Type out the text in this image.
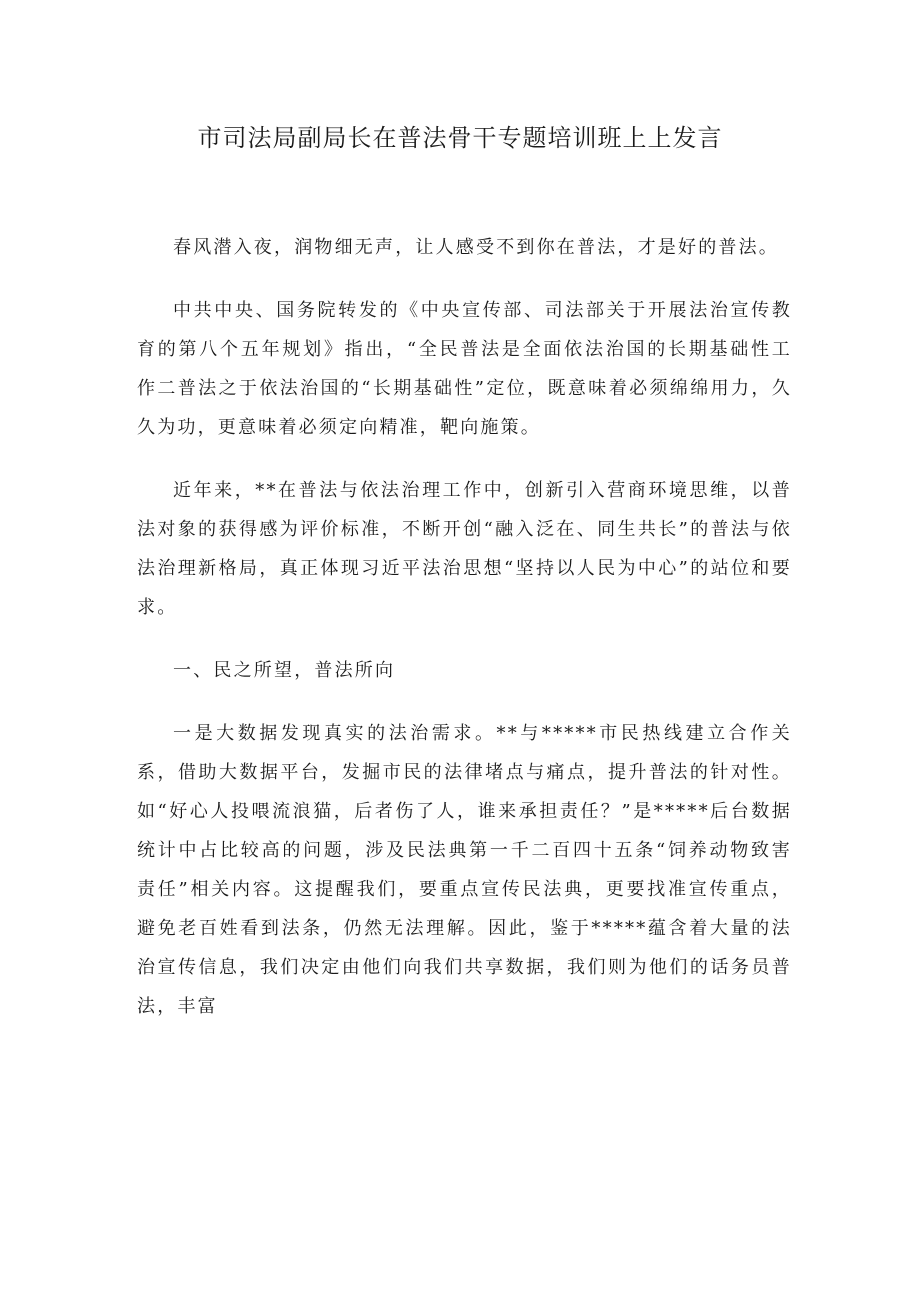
市司法局副局长在普法骨干专题培训班上上发言

春风潜入夜，润物细无声，让人感受不到你在普法，才是好的普法。

中共中央、国务院转发的《中央宣传部、司法部关于开展法治宣传教育的第八个五年规划》指出，“全民普法是全面依法治国的长期基础性工作二普法之于依法治国的“长期基础性”定位，既意味着必须绵绵用力，久久为功，更意味着必须定向精准，靶向施策。

近年来，**在普法与依法治理工作中，创新引入营商环境思维，以普法对象的获得感为评价标准，不断开创“融入泛在、同生共长”的普法与依法治理新格局，真正体现习近平法治思想“坚持以人民为中心”的站位和要求。

一、民之所望，普法所向

一是大数据发现真实的法治需求。**与*****市民热线建立合作关系，借助大数据平台，发掘市民的法律堵点与痛点，提升普法的针对性。如“好心人投喂流浪猫，后者伤了人，谁来承担责任？”是*****后台数据统计中占比较高的问题，涉及民法典第一千二百四十五条“饲养动物致害责任”相关内容。这提醒我们，要重点宣传民法典，更要找准宣传重点，避免老百姓看到法条，仍然无法理解。因此，鉴于*****蕴含着大量的法治宣传信息，我们决定由他们向我们共享数据，我们则为他们的话务员普法，丰富
